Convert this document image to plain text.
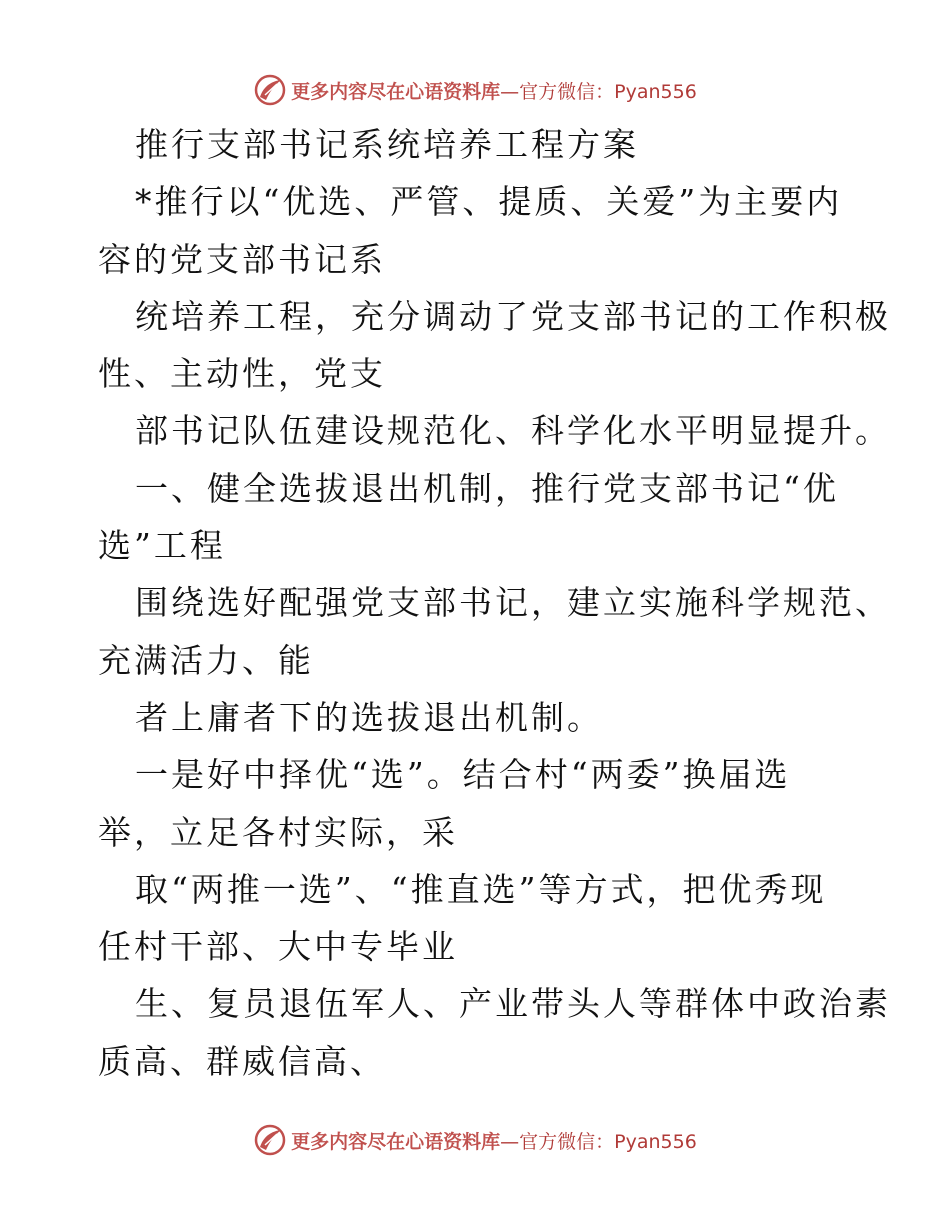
更多内容尽在心语资料库 —官方微信：Pyan556
推行支部书记系统培养工程方案
*推行以“优选、严管、提质、关爱”为主要内
容的党支部书记系
统培养工程，充分调动了党支部书记的工作积极
性、主动性，党支
部书记队伍建设规范化、科学化水平明显提升。
一、健全选拔退出机制，推行党支部书记“优
选”工程
围绕选好配强党支部书记，建立实施科学规范、
充满活力、能
者上庸者下的选拔退出机制。
一是好中择优“选”。结合村“两委”换届选
举，立足各村实际，采
取“两推一选”、“推直选”等方式，把优秀现
任村干部、大中专毕业
生、复员退伍军人、产业带头人等群体中政治素
质高、群威信高、
更多内容尽在心语资料库 —官方微信：Pyan556
